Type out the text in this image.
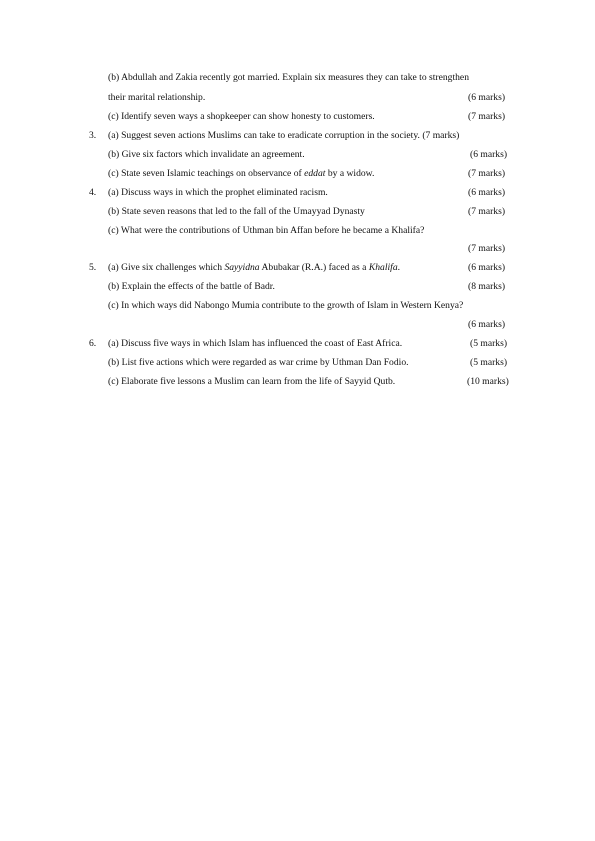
(b) Abdullah and Zakia recently got married. Explain six measures they can take to strengthen
their marital relationship.	(6 marks)
(c) Identify seven ways a shopkeeper can show honesty to customers.	(7 marks)
3. (a) Suggest seven actions Muslims can take to eradicate corruption in the society. (7 marks)
(b) Give six factors which invalidate an agreement.	(6 marks)
(c) State seven Islamic teachings on observance of eddat by a widow.	(7 marks)
4. (a) Discuss ways in which the prophet eliminated racism.	(6 marks)
(b) State seven reasons that led to the fall of the Umayyad Dynasty	(7 marks)
(c) What were the contributions of Uthman bin Affan before he became a Khalifa?
(7 marks)
5. (a) Give six challenges which Sayyidna Abubakar (R.A.) faced as a Khalifa.	(6 marks)
(b) Explain the effects of the battle of Badr.	(8 marks)
(c) In which ways did Nabongo Mumia contribute to the growth of Islam in Western Kenya?
(6 marks)
6. (a) Discuss five ways in which Islam has influenced the coast of East Africa.	(5 marks)
(b) List five actions which were regarded as war crime by Uthman Dan Fodio.	(5 marks)
(c) Elaborate five lessons a Muslim can learn from the life of Sayyid Qutb.	(10 marks)
